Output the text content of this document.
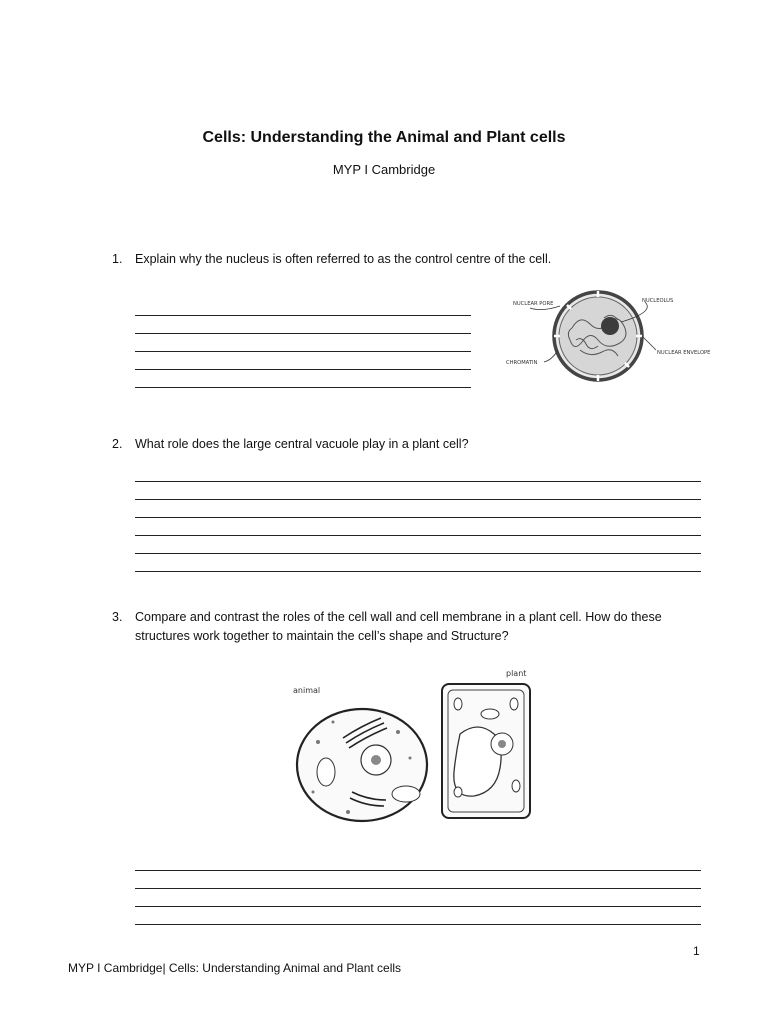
Cells: Understanding the Animal and Plant cells
MYP I Cambridge
1. Explain why the nucleus is often referred to as the control centre of the cell.
NUCLEAR PORE	NUCLEOLUS
CHROMATIN
NUCLEAR ENVELOPE
2. What role does the large central vacuole play in a plant cell?
3. Compare and contrast the roles of the cell wall and cell membrane in a plant cell. How do these structures work together to maintain the cell’s shape and Structure?
animal
plant
1
MYP I Cambridge| Cells: Understanding Animal and Plant cells
